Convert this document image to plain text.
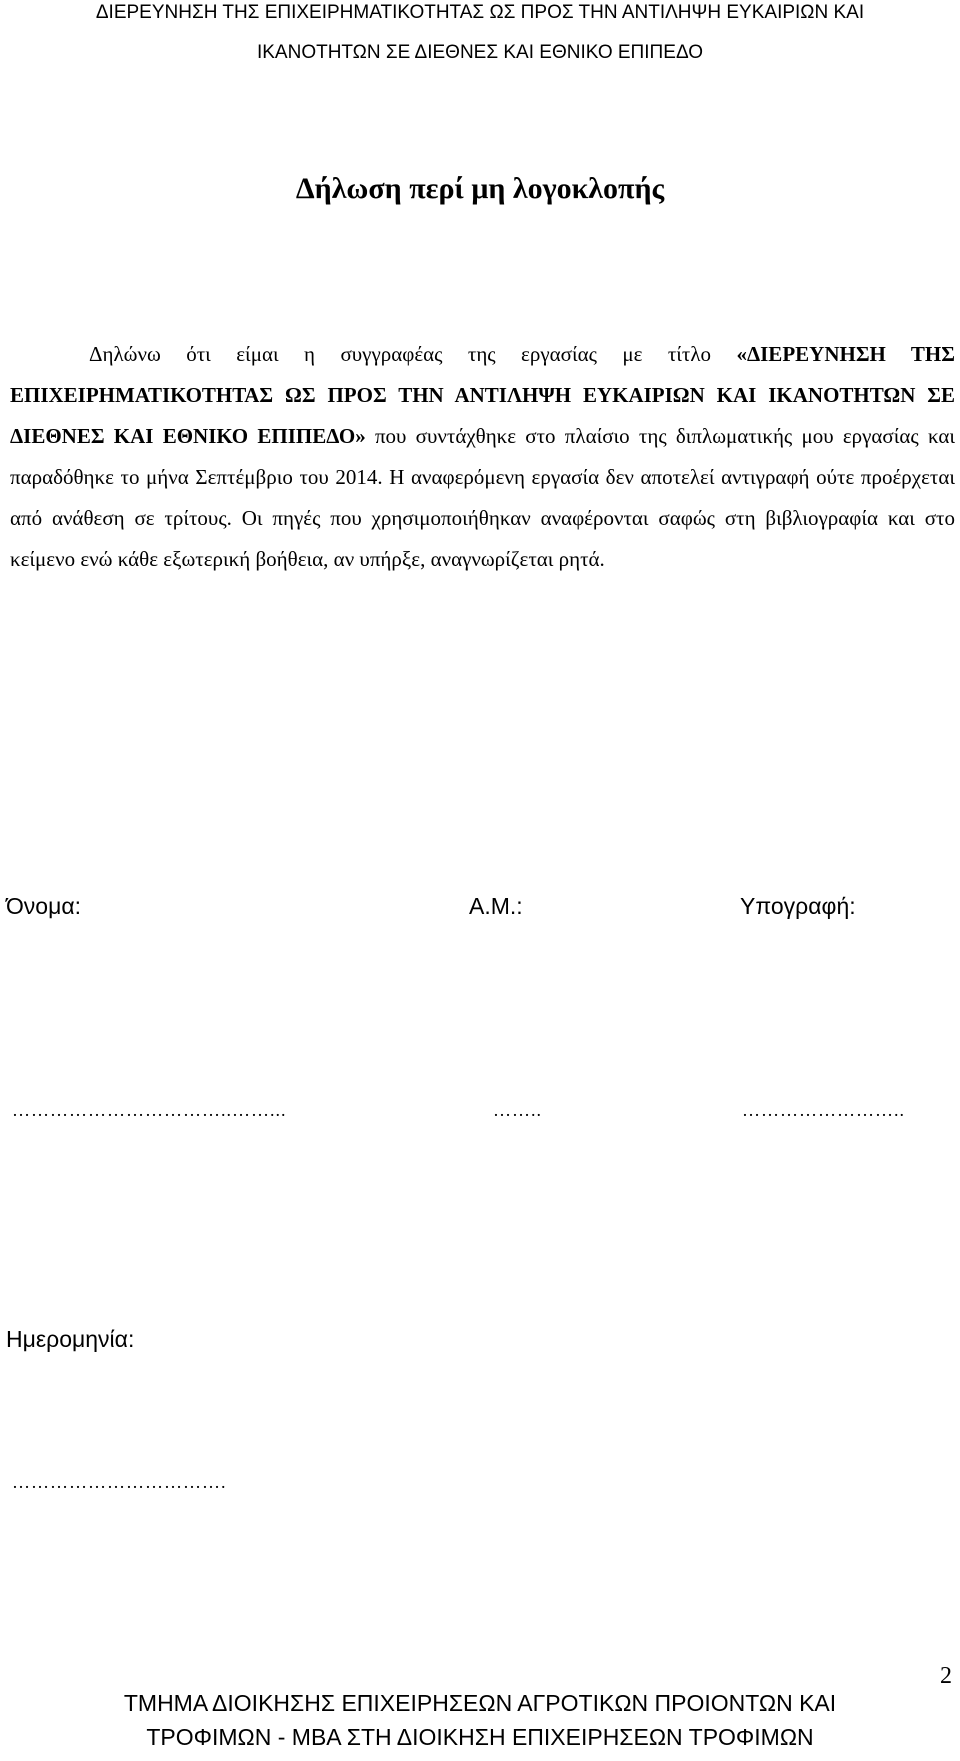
ΔΙΕΡΕΥΝΗΣΗ ΤΗΣ ΕΠΙΧΕΙΡΗΜΑΤΙΚΟΤΗΤΑΣ ΩΣ ΠΡΟΣ ΤΗΝ ΑΝΤΙΛΗΨΗ ΕΥΚΑΙΡΙΩΝ ΚΑΙ
ΙΚΑΝΟΤΗΤΩΝ ΣΕ ΔΙΕΘΝΕΣ ΚΑΙ ΕΘΝΙΚΟ ΕΠΙΠΕΔΟ
Δήλωση περί μη λογοκλοπής
Δηλώνω ότι είμαι η συγγραφέας της εργασίας με τίτλο «ΔΙΕΡΕΥΝΗΣΗ ΤΗΣ ΕΠΙΧΕΙΡΗΜΑΤΙΚΟΤΗΤΑΣ ΩΣ ΠΡΟΣ ΤΗΝ ΑΝΤΙΛΗΨΗ ΕΥΚΑΙΡΙΩΝ ΚΑΙ ΙΚΑΝΟΤΗΤΩΝ ΣΕ ΔΙΕΘΝΕΣ ΚΑΙ ΕΘΝΙΚΟ ΕΠΙΠΕΔΟ» που συντάχθηκε στο πλαίσιο της διπλωματικής μου εργασίας και παραδόθηκε το μήνα Σεπτέμβριο του 2014. Η αναφερόμενη εργασία δεν αποτελεί αντιγραφή ούτε προέρχεται από ανάθεση σε τρίτους. Οι πηγές που χρησιμοποιήθηκαν αναφέρονται σαφώς στη βιβλιογραφία και στο κείμενο ενώ κάθε εξωτερική βοήθεια, αν υπήρξε, αναγνωρίζεται ρητά.
Όνομα:	Α.Μ.:	Υπογραφή:
……………………………..……...	……..	……………………..
Ημερομηνία:
…………………………….
2
ΤΜΗΜΑ ΔΙΟΙΚΗΣΗΣ ΕΠΙΧΕΙΡΗΣΕΩΝ ΑΓΡΟΤΙΚΩΝ ΠΡΟΙΟΝΤΩΝ ΚΑΙ
ΤΡΟΦΙΜΩΝ - ΜΒΑ ΣΤΗ ΔΙΟΙΚΗΣΗ ΕΠΙΧΕΙΡΗΣΕΩΝ ΤΡΟΦΙΜΩΝ
